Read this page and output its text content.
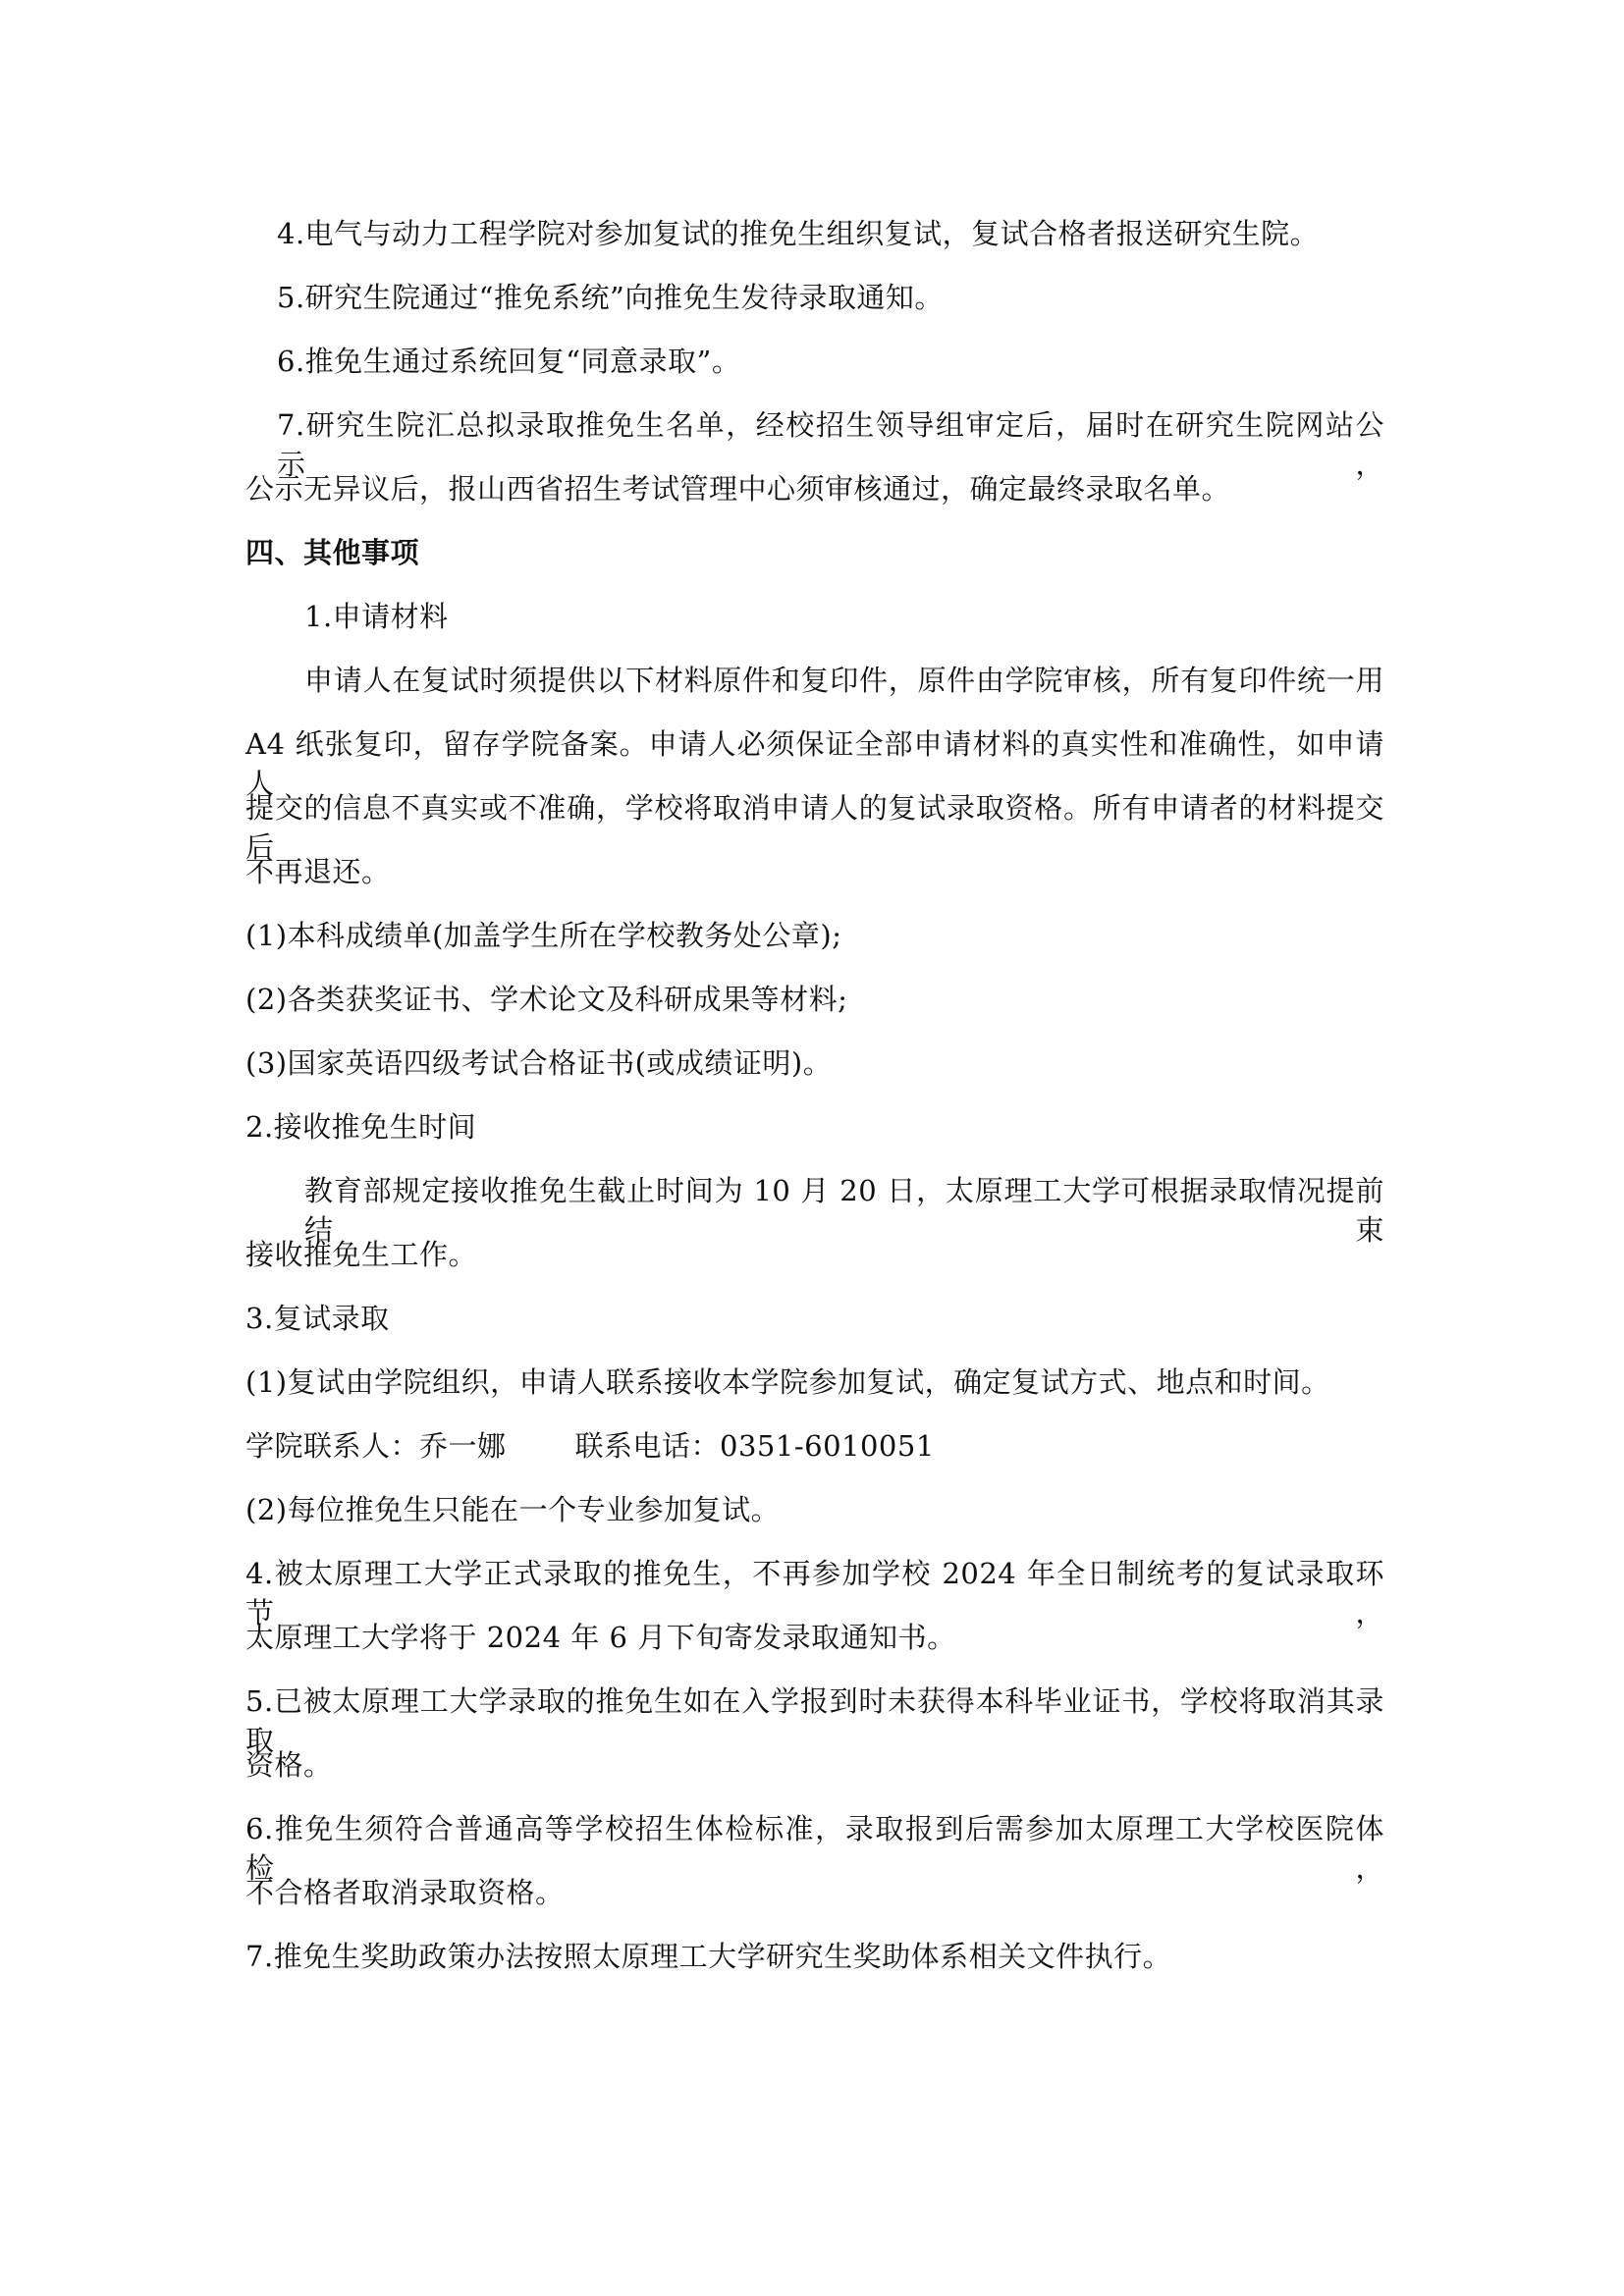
4.电气与动力工程学院对参加复试的推免生组织复试，复试合格者报送研究生院。
5.研究生院通过“推免系统”向推免生发待录取通知。
6.推免生通过系统回复“同意录取”。
7.研究生院汇总拟录取推免生名单，经校招生领导组审定后，届时在研究生院网站公示，
公示无异议后，报山西省招生考试管理中心须审核通过，确定最终录取名单。
四、其他事项
1.申请材料
申请人在复试时须提供以下材料原件和复印件，原件由学院审核，所有复印件统一用
A4 纸张复印，留存学院备案。申请人必须保证全部申请材料的真实性和准确性，如申请人
提交的信息不真实或不准确，学校将取消申请人的复试录取资格。所有申请者的材料提交后
不再退还。
(1)本科成绩单(加盖学生所在学校教务处公章);
(2)各类获奖证书、学术论文及科研成果等材料;
(3)国家英语四级考试合格证书(或成绩证明)。
2.接收推免生时间
教育部规定接收推免生截止时间为 10 月 20 日，太原理工大学可根据录取情况提前结束
接收推免生工作。
3.复试录取
(1)复试由学院组织，申请人联系接收本学院参加复试，确定复试方式、地点和时间。
学院联系人：乔一娜 联系电话：0351-6010051
(2)每位推免生只能在一个专业参加复试。
4.被太原理工大学正式录取的推免生，不再参加学校 2024 年全日制统考的复试录取环节，
太原理工大学将于 2024 年 6 月下旬寄发录取通知书。
5.已被太原理工大学录取的推免生如在入学报到时未获得本科毕业证书，学校将取消其录取
资格。
6.推免生须符合普通高等学校招生体检标准，录取报到后需参加太原理工大学校医院体检，
不合格者取消录取资格。
7.推免生奖助政策办法按照太原理工大学研究生奖助体系相关文件执行。
